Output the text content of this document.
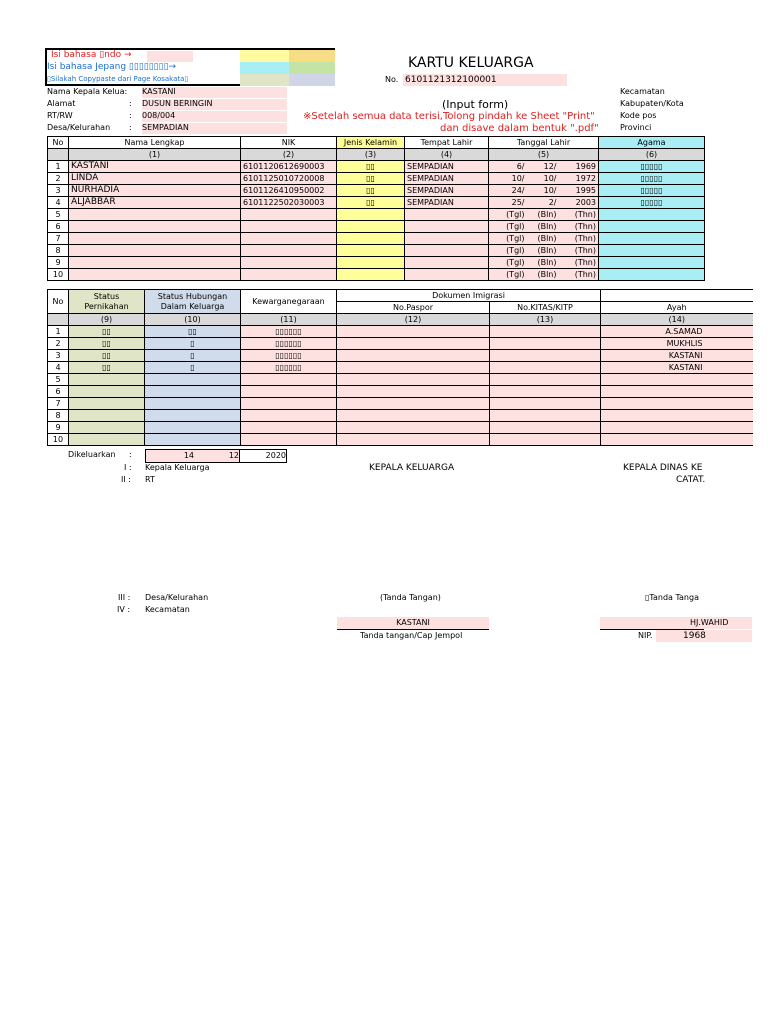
Isi bahasa ▯ndo →
Isi bahasa Jepang ▯▯▯▯▯▯▯▯→
▯Silakah Copypaste dari Page Kosakata▯
KARTU KELUARGA
No. 6101121312100001
Nama Kepala Kelua: KASTANI
Alamat	: DUSUN BERINGIN
RT/RW	: 008/004
Desa/Kelurahan : SEMPADIAN
(Input form)
※Setelah semua data terisi,Tolong pindah ke Sheet "Print"
dan disave dalam bentuk ".pdf"
Kecamatan
Kabupaten/Kota
Kode pos
Provinci
No	Nama Lengkap	NIK	Jenis Kelamin	Tempat Lahir	Tanggal Lahir			Agama
	(1)	(2)	(3)	(4)	(5)			(6)
1	KASTANI	6101120612690003	▯▯	SEMPADIAN	6/	12/	1969	▯▯▯▯▯
2	LINDA	6101125010720008	▯▯	SEMPADIAN	10/	10/	1972	▯▯▯▯▯
3	NURHADIA	6101126410950002	▯▯	SEMPADIAN	24/	10/	1995	▯▯▯▯▯
4	ALJABBAR	6101122502030003	▯▯	SEMPADIAN	25/	2/	2003	▯▯▯▯▯
5					(Tgl)	(Bln)	(Thn)	
6					(Tgl)	(Bln)	(Thn)	
7					(Tgl)	(Bln)	(Thn)	
8					(Tgl)	(Bln)	(Thn)	
9					(Tgl)	(Bln)	(Thn)	
10					(Tgl)	(Bln)	(Thn)	
No	Status
Pernikahan	Status Hubungan
Dalam Keluarga	Kewarganegaraan	Dokumen Imigrasi		
				No.Paspor	No.KITAS/KITP	Ayah
	(9)	(10)	(11)	(12)	(13)	(14)
1	▯▯	▯▯	▯▯▯▯▯▯			A.SAMAD
2	▯▯	▯	▯▯▯▯▯▯			MUKHLIS
3	▯▯	▯	▯▯▯▯▯▯			KASTANI
4	▯▯	▯	▯▯▯▯▯▯			KASTANI
5						
6						
7						
8						
9						
10						
Dikeluarkan :	14	12	2020
I : Kepala Keluarga
II : RT
KEPALA KELUARGA	KEPALA DINAS KE
CATAT.
III : Desa/Kelurahan
IV : Kecamatan
(Tanda Tangan)	▯Tanda Tanga
KASTANI
Tanda tangan/Cap Jempol
HJ.WAHID
NIP.	1968
